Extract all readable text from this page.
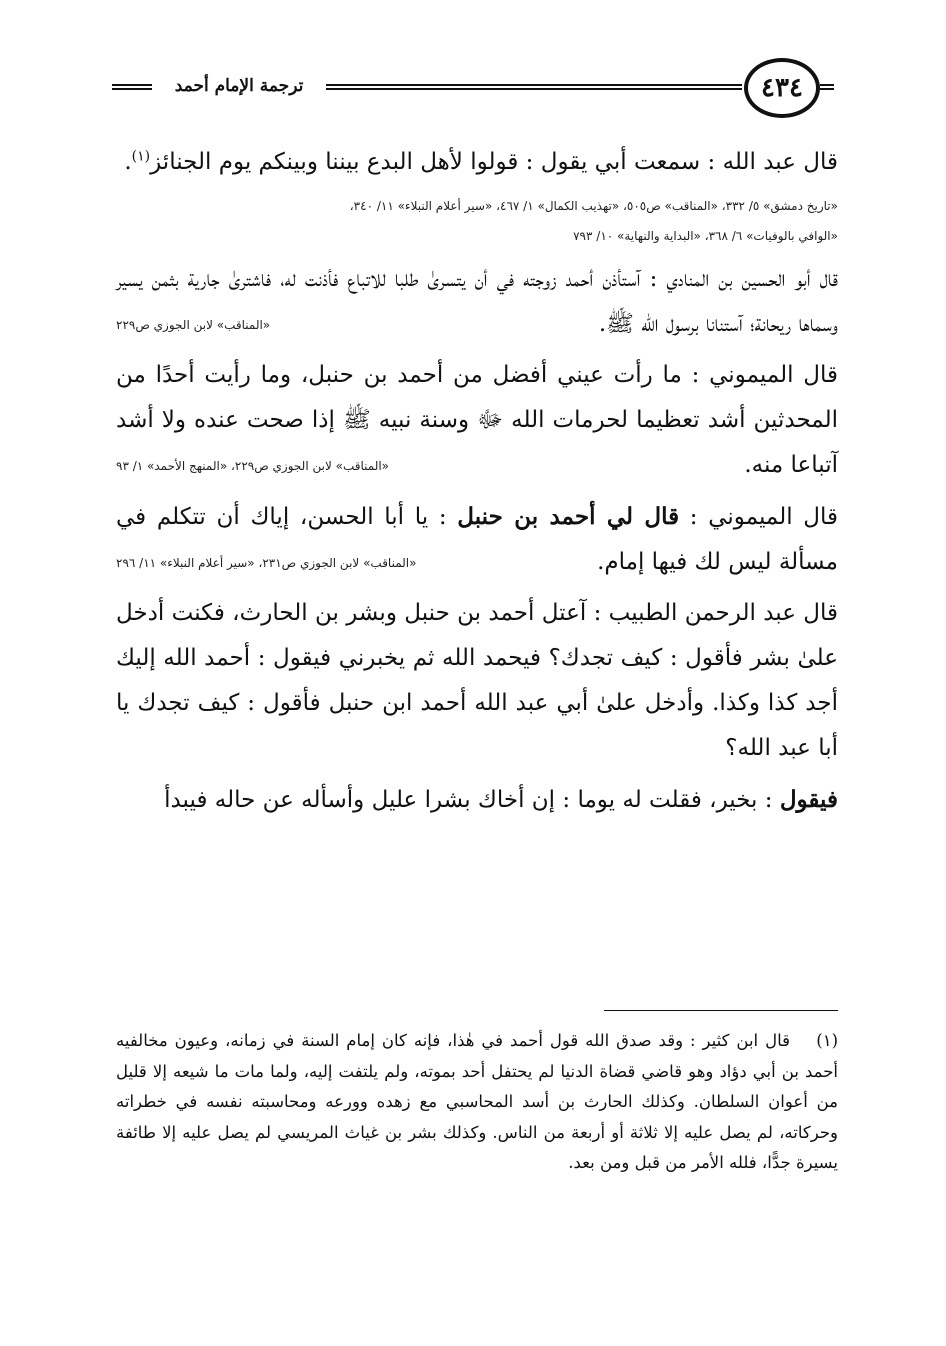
ترجمة الإمام أحمد	٤٣٤

قال عبد الله : سمعت أبي يقول : قولوا لأهل البدع بيننا وبينكم يوم الجنائز$^{(١)}$.

«تاريخ دمشق» ٥/ ٣٣٢، «المناقب» ص٥٠٥، «تهذيب الكمال» ١/ ٤٦٧، «سير أعلام النبلاء» ١١/ ٣٤٠،
«الوافي بالوفيات» ٦/ ٣٦٨، «البداية والنهاية» ١٠/ ٧٩٣

قال أبو الحسين بن المنادي : آستأذن أحمد زوجته في أن يتسرىٰ طلبا للاتباع فأذنت له، فاشترىٰ جارية بثمن يسير وسماها ريحانة؛ آستنانا برسول الله ﷺ.
«المناقب» لابن الجوزي ص٢٢٩

قال الميموني : ما رأت عيني أفضل من أحمد بن حنبل، وما رأيت أحدًا من المحدثين أشد تعظيما لحرمات الله ﷻ وسنة نبيه ﷺ إذا صحت عنده ولا أشد آتباعا منه.
«المناقب» لابن الجوزي ص٢٢٩، «المنهج الأحمد» ١/ ٩٣

قال الميموني : قال لي أحمد بن حنبل : يا أبا الحسن، إياك أن تتكلم في مسألة ليس لك فيها إمام.
«المناقب» لابن الجوزي ص٢٣١، «سير أعلام النبلاء» ١١/ ٢٩٦

قال عبد الرحمن الطبيب : آعتل أحمد بن حنبل وبشر بن الحارث، فكنت أدخل علىٰ بشر فأقول : كيف تجدك؟ فيحمد الله ثم يخبرني فيقول : أحمد الله إليك أجد كذا وكذا. وأدخل علىٰ أبي عبد الله أحمد ابن حنبل فأقول : كيف تجدك يا أبا عبد الله؟

فيقول : بخير، فقلت له يوما : إن أخاك بشرا عليل وأسأله عن حاله فيبدأ

(١)قال ابن كثير : وقد صدق الله قول أحمد في هٰذا، فإنه كان إمام السنة في زمانه، وعيون مخالفيه أحمد بن أبي دؤاد وهو قاضي قضاة الدنيا لم يحتفل أحد بموته، ولم يلتفت إليه، ولما مات ما شيعه إلا قليل من أعوان السلطان. وكذلك الحارث بن أسد المحاسبي مع زهده وورعه ومحاسبته نفسه في خطراته وحركاته، لم يصل عليه إلا ثلاثة أو أربعة من الناس. وكذلك بشر بن غياث المريسي لم يصل عليه إلا طائفة يسيرة جدًّا، فلله الأمر من قبل ومن بعد.
